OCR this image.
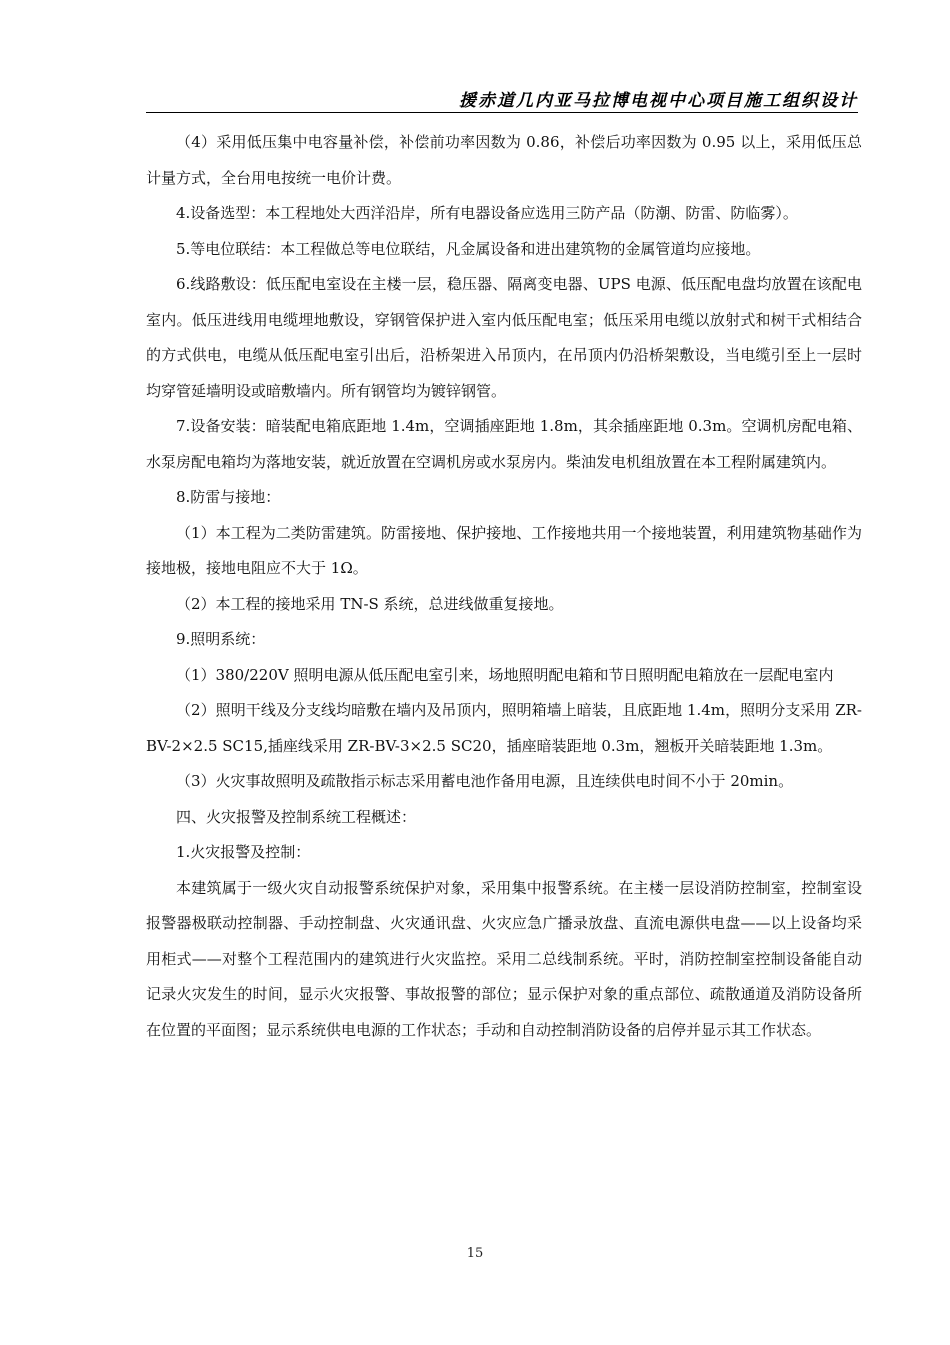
援赤道几内亚马拉博电视中心项目施工组织设计

（4）采用低压集中电容量补偿，补偿前功率因数为 0.86，补偿后功率因数为 0.95 以上，采用低压总计量方式，全台用电按统一电价计费。

4.设备选型：本工程地处大西洋沿岸，所有电器设备应选用三防产品（防潮、防雷、防临雾）。

5.等电位联结：本工程做总等电位联结，凡金属设备和进出建筑物的金属管道均应接地。

6.线路敷设：低压配电室设在主楼一层，稳压器、隔离变电器、UPS 电源、低压配电盘均放置在该配电室内。低压进线用电缆埋地敷设，穿钢管保护进入室内低压配电室；低压采用电缆以放射式和树干式相结合的方式供电，电缆从低压配电室引出后，沿桥架进入吊顶内，在吊顶内仍沿桥架敷设，当电缆引至上一层时均穿管延墙明设或暗敷墙内。所有钢管均为镀锌钢管。

7.设备安装：暗装配电箱底距地 1.4m，空调插座距地 1.8m，其余插座距地 0.3m。空调机房配电箱、水泵房配电箱均为落地安装，就近放置在空调机房或水泵房内。柴油发电机组放置在本工程附属建筑内。

8.防雷与接地：

（1）本工程为二类防雷建筑。防雷接地、保护接地、工作接地共用一个接地装置，利用建筑物基础作为接地极，接地电阻应不大于 1Ω。

（2）本工程的接地采用 TN-S 系统，总进线做重复接地。

9.照明系统：

（1）380/220V 照明电源从低压配电室引来，场地照明配电箱和节日照明配电箱放在一层配电室内

（2）照明干线及分支线均暗敷在墙内及吊顶内，照明箱墙上暗装，且底距地 1.4m，照明分支采用 ZR-BV-2×2.5 SC15,插座线采用 ZR-BV-3×2.5 SC20，插座暗装距地 0.3m，翘板开关暗装距地 1.3m。

（3）火灾事故照明及疏散指示标志采用蓄电池作备用电源，且连续供电时间不小于 20min。

四、火灾报警及控制系统工程概述：

1.火灾报警及控制：

本建筑属于一级火灾自动报警系统保护对象，采用集中报警系统。在主楼一层设消防控制室，控制室设报警器极联动控制器、手动控制盘、火灾通讯盘、火灾应急广播录放盘、直流电源供电盘——以上设备均采用柜式——对整个工程范围内的建筑进行火灾监控。采用二总线制系统。平时，消防控制室控制设备能自动记录火灾发生的时间，显示火灾报警、事故报警的部位；显示保护对象的重点部位、疏散通道及消防设备所在位置的平面图；显示系统供电电源的工作状态；手动和自动控制消防设备的启停并显示其工作状态。

15
